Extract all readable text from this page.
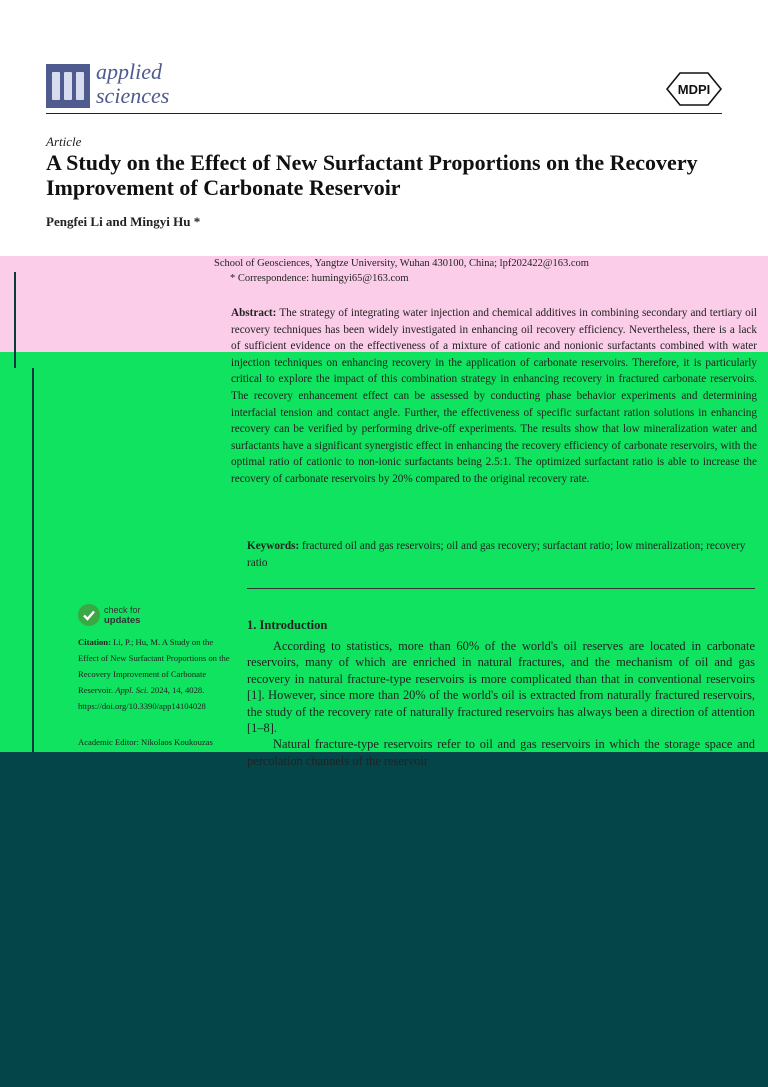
applied
sciences	MDPI
Article
A Study on the Effect of New Surfactant Proportions on the Recovery Improvement of Carbonate Reservoir
Pengfei Li and Mingyi Hu *
School of Geosciences, Yangtze University, Wuhan 430100, China; lpf202422@163.com
* Correspondence: humingyi65@163.com
Abstract: The strategy of integrating water injection and chemical additives in combining secondary and tertiary oil recovery techniques has been widely investigated in enhancing oil recovery efficiency. Nevertheless, there is a lack of sufficient evidence on the effectiveness of a mixture of cationic and nonionic surfactants combined with water injection techniques on enhancing recovery in the application of carbonate reservoirs. Therefore, it is particularly critical to explore the impact of this combination strategy in enhancing recovery in fractured carbonate reservoirs. The recovery enhancement effect can be assessed by conducting phase behavior experiments and determining interfacial tension and contact angle. Further, the effectiveness of specific surfactant ration solutions in enhancing recovery can be verified by performing drive-off experiments. The results show that low mineralization water and surfactants have a significant synergistic effect in enhancing the recovery efficiency of carbonate reservoirs, with the optimal ratio of cationic to non-ionic surfactants being 2.5:1. The optimized surfactant ratio is able to increase the recovery of carbonate reservoirs by 20% compared to the original recovery rate.
Keywords: fractured oil and gas reservoirs; oil and gas recovery; surfactant ratio; low mineralization; recovery ratio
check for
updates
Citation: Li, P.; Hu, M. A Study on the Effect of New Surfactant Proportions on the Recovery Improvement of Carbonate Reservoir. Appl. Sci. 2024, 14, 4028. https://doi.org/10.3390/app14104028
Academic Editor: Nikolaos Koukouzas
1. Introduction

According to statistics, more than 60% of the world's oil reserves are located in carbonate reservoirs, many of which are enriched in natural fractures, and the mechanism of oil and gas recovery in natural fracture-type reservoirs is more complicated than that in conventional reservoirs [1]. However, since more than 20% of the world's oil is extracted from naturally fractured reservoirs, the study of the recovery rate of naturally fractured reservoirs has always been a direction of attention [1–8].

Natural fracture-type reservoirs refer to oil and gas reservoirs in which the storage space and percolation channels of the reservoir
